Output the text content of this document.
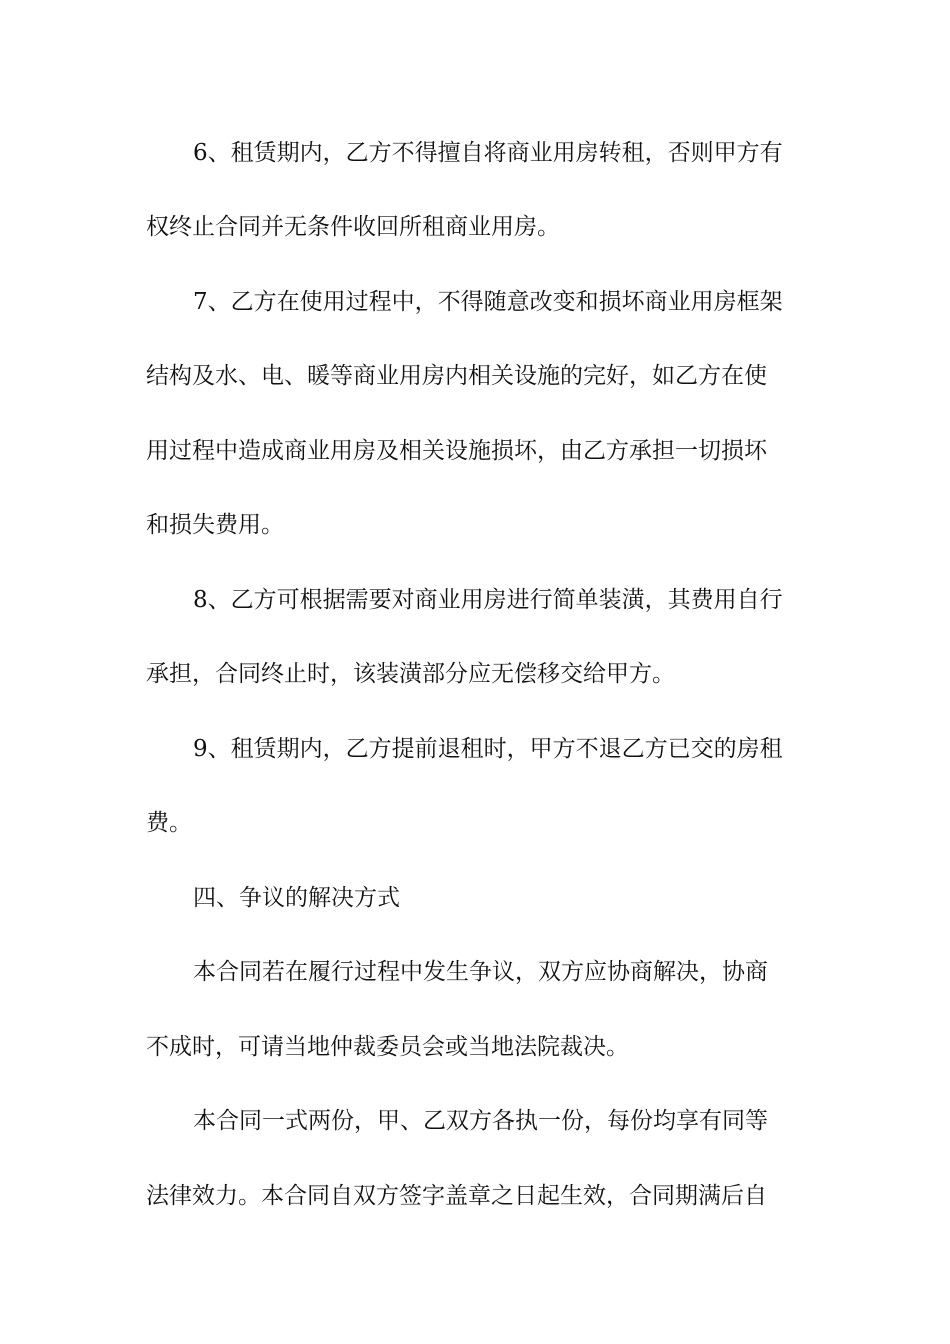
6、租赁期内，乙方不得擅自将商业用房转租，否则甲方有
权终止合同并无条件收回所租商业用房。
7、乙方在使用过程中，不得随意改变和损坏商业用房框架
结构及水、电、暖等商业用房内相关设施的完好，如乙方在使
用过程中造成商业用房及相关设施损坏，由乙方承担一切损坏
和损失费用。
8、乙方可根据需要对商业用房进行简单装潢，其费用自行
承担，合同终止时，该装潢部分应无偿移交给甲方。
9、租赁期内，乙方提前退租时，甲方不退乙方已交的房租
费。
四、争议的解决方式
本合同若在履行过程中发生争议，双方应协商解决，协商
不成时，可请当地仲裁委员会或当地法院裁决。
本合同一式两份，甲、乙双方各执一份，每份均享有同等
法律效力。本合同自双方签字盖章之日起生效，合同期满后自
